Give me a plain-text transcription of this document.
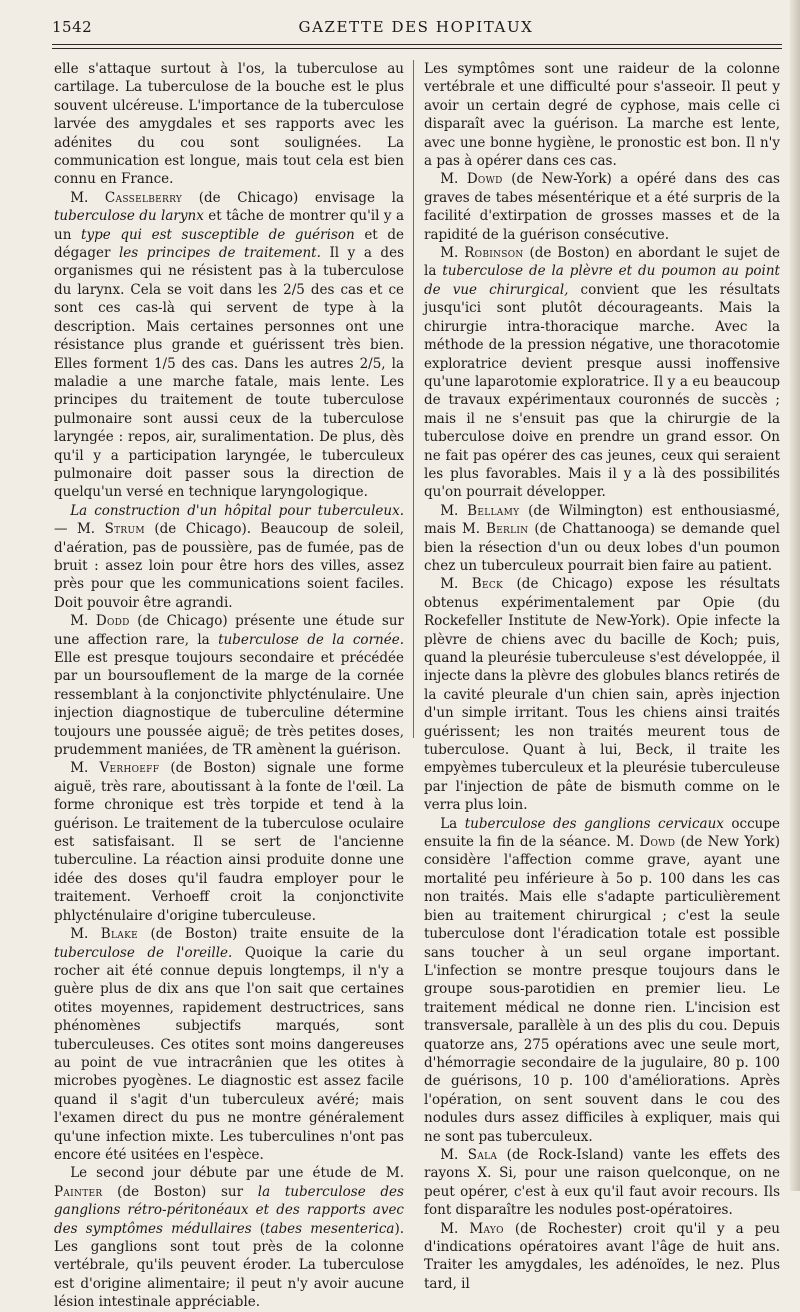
1542	GAZETTE DES HOPITAUX

elle s'attaque surtout à l'os, la tuberculose au cartilage. La tuberculose de la bouche est le plus souvent ulcéreuse. L'importance de la tuberculose larvée des amygdales et ses rapports avec les adénites du cou sont soulignées. La communication est longue, mais tout cela est bien connu en France.

M. Casselberry (de Chicago) envisage la tuberculose du larynx et tâche de montrer qu'il y a un type qui est susceptible de guérison et de dégager les principes de traitement. Il y a des organismes qui ne résistent pas à la tuberculose du larynx. Cela se voit dans les 2/5 des cas et ce sont ces cas-là qui servent de type à la description. Mais certaines personnes ont une résistance plus grande et guérissent très bien. Elles forment 1/5 des cas. Dans les autres 2/5, la maladie a une marche fatale, mais lente. Les principes du traitement de toute tuberculose pulmonaire sont aussi ceux de la tuberculose laryngée : repos, air, suralimentation. De plus, dès qu'il y a participation laryngée, le tuberculeux pulmonaire doit passer sous la direction de quelqu'un versé en technique laryngologique.

La construction d'un hôpital pour tuberculeux. — M. Strum (de Chicago). Beaucoup de soleil, d'aération, pas de poussière, pas de fumée, pas de bruit : assez loin pour être hors des villes, assez près pour que les communications soient faciles. Doit pouvoir être agrandi.

M. Dodd (de Chicago) présente une étude sur une affection rare, la tuberculose de la cornée. Elle est presque toujours secondaire et précédée par un boursouflement de la marge de la cornée ressemblant à la conjonctivite phlycténulaire. Une injection diagnostique de tuberculine détermine toujours une poussée aiguë; de très petites doses, prudemment maniées, de TR amènent la guérison.

M. Verhoeff (de Boston) signale une forme aiguë, très rare, aboutissant à la fonte de l'œil. La forme chronique est très torpide et tend à la guérison. Le traitement de la tuberculose oculaire est satisfaisant. Il se sert de l'ancienne tuberculine. La réaction ainsi produite donne une idée des doses qu'il faudra employer pour le traitement. Verhoeff croit la conjonctivite phlycténulaire d'origine tuberculeuse.

M. Blake (de Boston) traite ensuite de la tuberculose de l'oreille. Quoique la carie du rocher ait été connue depuis longtemps, il n'y a guère plus de dix ans que l'on sait que certaines otites moyennes, rapidement destructrices, sans phénomènes subjectifs marqués, sont tuberculeuses. Ces otites sont moins dangereuses au point de vue intracrânien que les otites à microbes pyogènes. Le diagnostic est assez facile quand il s'agit d'un tuberculeux avéré; mais l'examen direct du pus ne montre généralement qu'une infection mixte. Les tuberculines n'ont pas encore été usitées en l'espèce.

Le second jour débute par une étude de M. Painter (de Boston) sur la tuberculose des ganglions rétro-péritonéaux et des rapports avec des symptômes médullaires (tabes mesenterica). Les ganglions sont tout près de la colonne vertébrale, qu'ils peuvent éroder. La tuberculose est d'origine alimentaire; il peut n'y avoir aucune lésion intestinale appréciable.

Les symptômes sont une raideur de la colonne vertébrale et une difficulté pour s'asseoir. Il peut y avoir un certain degré de cyphose, mais celle ci disparaît avec la guérison. La marche est lente, avec une bonne hygiène, le pronostic est bon. Il n'y a pas à opérer dans ces cas.

M. Dowd (de New-York) a opéré dans des cas graves de tabes mésentérique et a été surpris de la facilité d'extirpation de grosses masses et de la rapidité de la guérison consécutive.

M. Robinson (de Boston) en abordant le sujet de la tuberculose de la plèvre et du poumon au point de vue chirurgical, convient que les résultats jusqu'ici sont plutôt décourageants. Mais la chirurgie intra-thoracique marche. Avec la méthode de la pression négative, une thoracotomie exploratrice devient presque aussi inoffensive qu'une laparotomie exploratrice. Il y a eu beaucoup de travaux expérimentaux couronnés de succès ; mais il ne s'ensuit pas que la chirurgie de la tuberculose doive en prendre un grand essor. On ne fait pas opérer des cas jeunes, ceux qui seraient les plus favorables. Mais il y a là des possibilités qu'on pourrait développer.

M. Bellamy (de Wilmington) est enthousiasmé, mais M. Berlin (de Chattanooga) se demande quel bien la résection d'un ou deux lobes d'un poumon chez un tuberculeux pourrait bien faire au patient.

M. Beck (de Chicago) expose les résultats obtenus expérimentalement par Opie (du Rockefeller Institute de New-York). Opie infecte la plèvre de chiens avec du bacille de Koch; puis, quand la pleurésie tuberculeuse s'est développée, il injecte dans la plèvre des globules blancs retirés de la cavité pleurale d'un chien sain, après injection d'un simple irritant. Tous les chiens ainsi traités guérissent; les non traités meurent tous de tuberculose. Quant à lui, Beck, il traite les empyèmes tuberculeux et la pleurésie tuberculeuse par l'injection de pâte de bismuth comme on le verra plus loin.

La tuberculose des ganglions cervicaux occupe ensuite la fin de la séance. M. Dowd (de New York) considère l'affection comme grave, ayant une mortalité peu inférieure à 5o p. 100 dans les cas non traités. Mais elle s'adapte particulièrement bien au traitement chirurgical ; c'est la seule tuberculose dont l'éradication totale est possible sans toucher à un seul organe important. L'infection se montre presque toujours dans le groupe sous-parotidien en premier lieu. Le traitement médical ne donne rien. L'incision est transversale, parallèle à un des plis du cou. Depuis quatorze ans, 275 opérations avec une seule mort, d'hémorragie secondaire de la jugulaire, 80 p. 100 de guérisons, 10 p. 100 d'améliorations. Après l'opération, on sent souvent dans le cou des nodules durs assez difficiles à expliquer, mais qui ne sont pas tuberculeux.

M. Sala (de Rock-Island) vante les effets des rayons X. Si, pour une raison quelconque, on ne peut opérer, c'est à eux qu'il faut avoir recours. Ils font disparaître les nodules post-opératoires.

M. Mayo (de Rochester) croit qu'il y a peu d'indications opératoires avant l'âge de huit ans. Traiter les amygdales, les adénoïdes, le nez. Plus tard, il
